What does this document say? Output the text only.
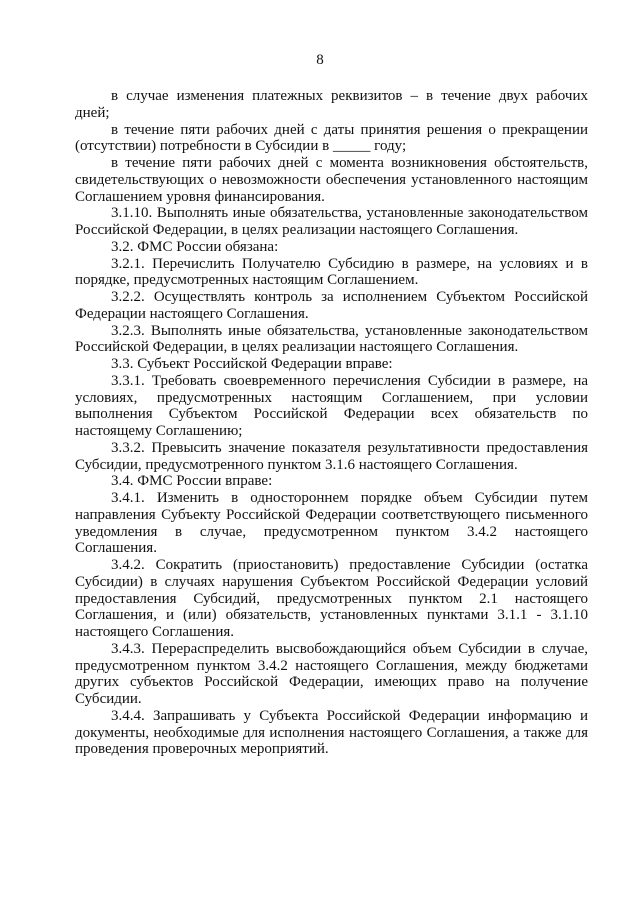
8

в случае изменения платежных реквизитов – в течение двух рабочих дней;

в течение пяти рабочих дней с даты принятия решения о прекращении (отсутствии) потребности в Субсидии в _____ году;

в течение пяти рабочих дней с момента возникновения обстоятельств, свидетельствующих о невозможности обеспечения установленного настоящим Соглашением уровня финансирования.

3.1.10. Выполнять иные обязательства, установленные законодательством Российской Федерации, в целях реализации настоящего Соглашения.

3.2. ФМС России обязана:

3.2.1. Перечислить Получателю Субсидию в размере, на условиях и в порядке, предусмотренных настоящим Соглашением.

3.2.2. Осуществлять контроль за исполнением Субъектом Российской Федерации настоящего Соглашения.

3.2.3. Выполнять иные обязательства, установленные законодательством Российской Федерации, в целях реализации настоящего Соглашения.

3.3. Субъект Российской Федерации вправе:

3.3.1. Требовать своевременного перечисления Субсидии в размере, на условиях, предусмотренных настоящим Соглашением, при условии выполнения Субъектом Российской Федерации всех обязательств по настоящему Соглашению;

3.3.2. Превысить значение показателя результативности предоставления Субсидии, предусмотренного пунктом 3.1.6 настоящего Соглашения.

3.4. ФМС России вправе:

3.4.1. Изменить в одностороннем порядке объем Субсидии путем направления Субъекту Российской Федерации соответствующего письменного уведомления в случае, предусмотренном пунктом 3.4.2 настоящего Соглашения.

3.4.2. Сократить (приостановить) предоставление Субсидии (остатка Субсидии) в случаях нарушения Субъектом Российской Федерации условий предоставления Субсидий, предусмотренных пунктом 2.1 настоящего Соглашения, и (или) обязательств, установленных пунктами 3.1.1 - 3.1.10 настоящего Соглашения.

3.4.3. Перераспределить высвобождающийся объем Субсидии в случае, предусмотренном пунктом 3.4.2 настоящего Соглашения, между бюджетами других субъектов Российской Федерации, имеющих право на получение Субсидии.

3.4.4. Запрашивать у Субъекта Российской Федерации информацию и документы, необходимые для исполнения настоящего Соглашения, а также для проведения проверочных мероприятий.
